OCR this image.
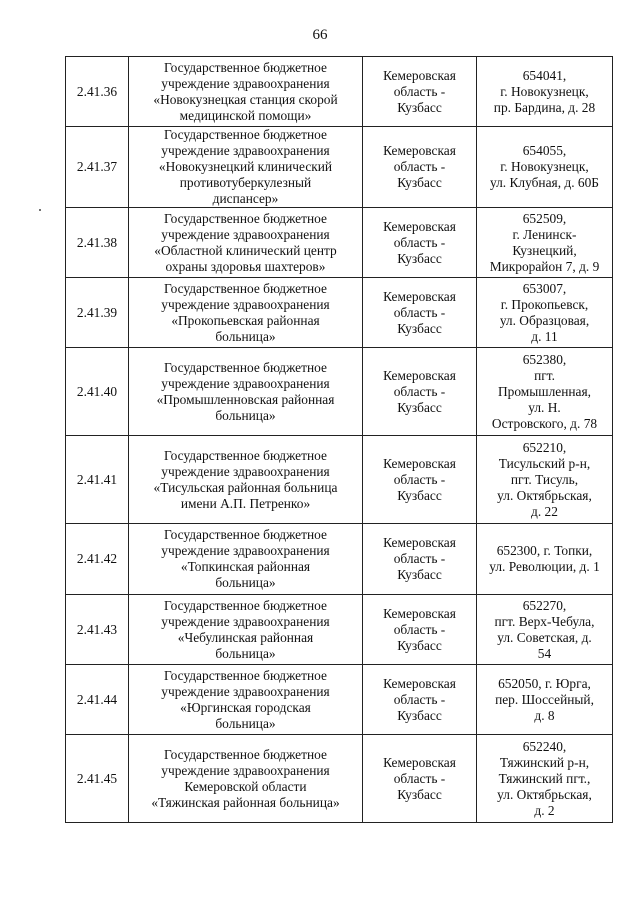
66
2.41.36	Государственное бюджетное
учреждение здравоохранения
«Новокузнецкая станция скорой
медицинской помощи»	Кемеровская
область -
Кузбасс	654041,
г. Новокузнецк,
пр. Бардина, д. 28

2.41.37	Государственное бюджетное
учреждение здравоохранения
«Новокузнецкий клинический
противотуберкулезный
диспансер»	Кемеровская
область -
Кузбасс	654055,
г. Новокузнецк,
ул. Клубная, д. 60Б

2.41.38	Государственное бюджетное
учреждение здравоохранения
«Областной клинический центр
охраны здоровья шахтеров»	Кемеровская
область -
Кузбасс	652509,
г. Ленинск-
Кузнецкий,
Микрорайон 7, д. 9

2.41.39	Государственное бюджетное
учреждение здравоохранения
«Прокопьевская районная
больница»	Кемеровская
область -
Кузбасс	653007,
г. Прокопьевск,
ул. Образцовая,
д. 11

2.41.40	Государственное бюджетное
учреждение здравоохранения
«Промышленновская районная
больница»	Кемеровская
область -
Кузбасс	652380,
пгт.
Промышленная,
ул. Н.
Островского, д. 78

2.41.41	Государственное бюджетное
учреждение здравоохранения
«Тисульская районная больница
имени А.П. Петренко»	Кемеровская
область -
Кузбасс	652210,
Тисульский р-н,
пгт. Тисуль,
ул. Октябрьская,
д. 22

2.41.42	Государственное бюджетное
учреждение здравоохранения
«Топкинская районная
больница»	Кемеровская
область -
Кузбасс	652300, г. Топки,
ул. Революции, д. 1

2.41.43	Государственное бюджетное
учреждение здравоохранения
«Чебулинская районная
больница»	Кемеровская
область -
Кузбасс	652270,
пгт. Верх-Чебула,
ул. Советская, д.
54

2.41.44	Государственное бюджетное
учреждение здравоохранения
«Юргинская городская
больница»	Кемеровская
область -
Кузбасс	652050, г. Юрга,
пер. Шоссейный,
д. 8

2.41.45	Государственное бюджетное
учреждение здравоохранения
Кемеровской области
«Тяжинская районная больница»	Кемеровская
область -
Кузбасс	652240,
Тяжинский р-н,
Тяжинский пгт.,
ул. Октябрьская,
д. 2
